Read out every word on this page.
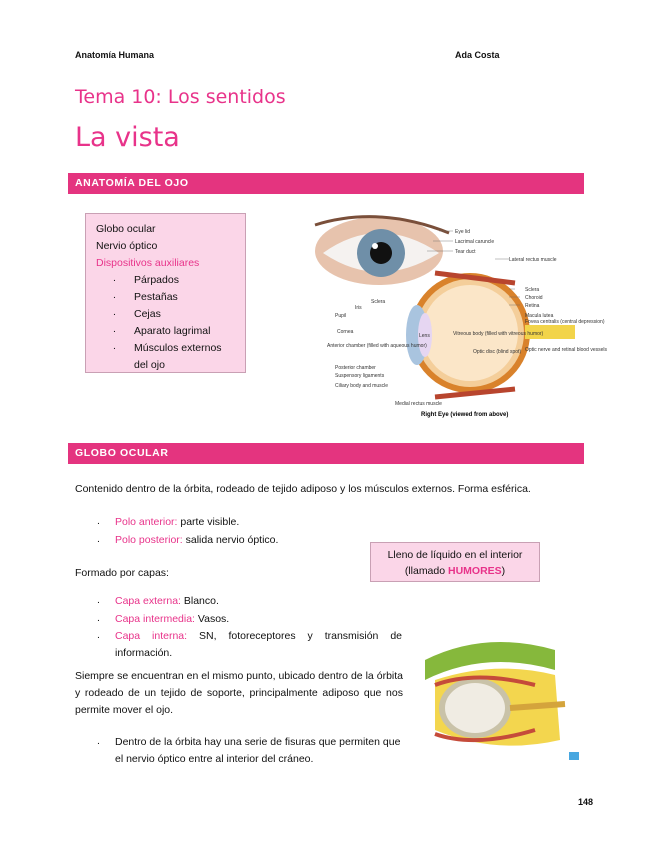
Anatomía Humana	Ada Costa
Tema 10: Los sentidos
La vista
ANATOMÍA DEL OJO
Globo ocular
Nervio óptico
Dispositivos auxiliares
. Párpados
. Pestañas
. Cejas
. Aparato lagrimal
. Músculos externos del ojo
Eye lid
Lacrimal caruncle
Tear duct
Lateral rectus muscle
Sclera
Choroid
Retina
Macula lutea
Fovea centralis (central depression)
Optic nerve and retinal blood vessels
Pupil
Iris
Sclera
Cornea
Lens	Vitreous body (filled with vitreous humor)
Optic disc (blind spot)
Anterior chamber (filled with aqueous humor)
Posterior chamber
Suspensory ligaments
Ciliary body and muscle
Medial rectus muscle
Right Eye (viewed from above)
GLOBO OCULAR
Contenido dentro de la órbita, rodeado de tejido adiposo y los músculos externos. Forma esférica.
. Polo anterior: parte visible.
. Polo posterior: salida nervio óptico.
Lleno de líquido en el interior
(llamado HUMORES)
Formado por capas:
. Capa externa: Blanco.
. Capa intermedia: Vasos.
. Capa interna: SN, fotoreceptores y transmisión de información.
Siempre se encuentran en el mismo punto, ubicado dentro de la órbita y rodeado de un tejido de soporte, principalmente adiposo que nos permite mover el ojo.
. Dentro de la órbita hay una serie de fisuras que permiten que el nervio óptico entre al interior del cráneo.
148
